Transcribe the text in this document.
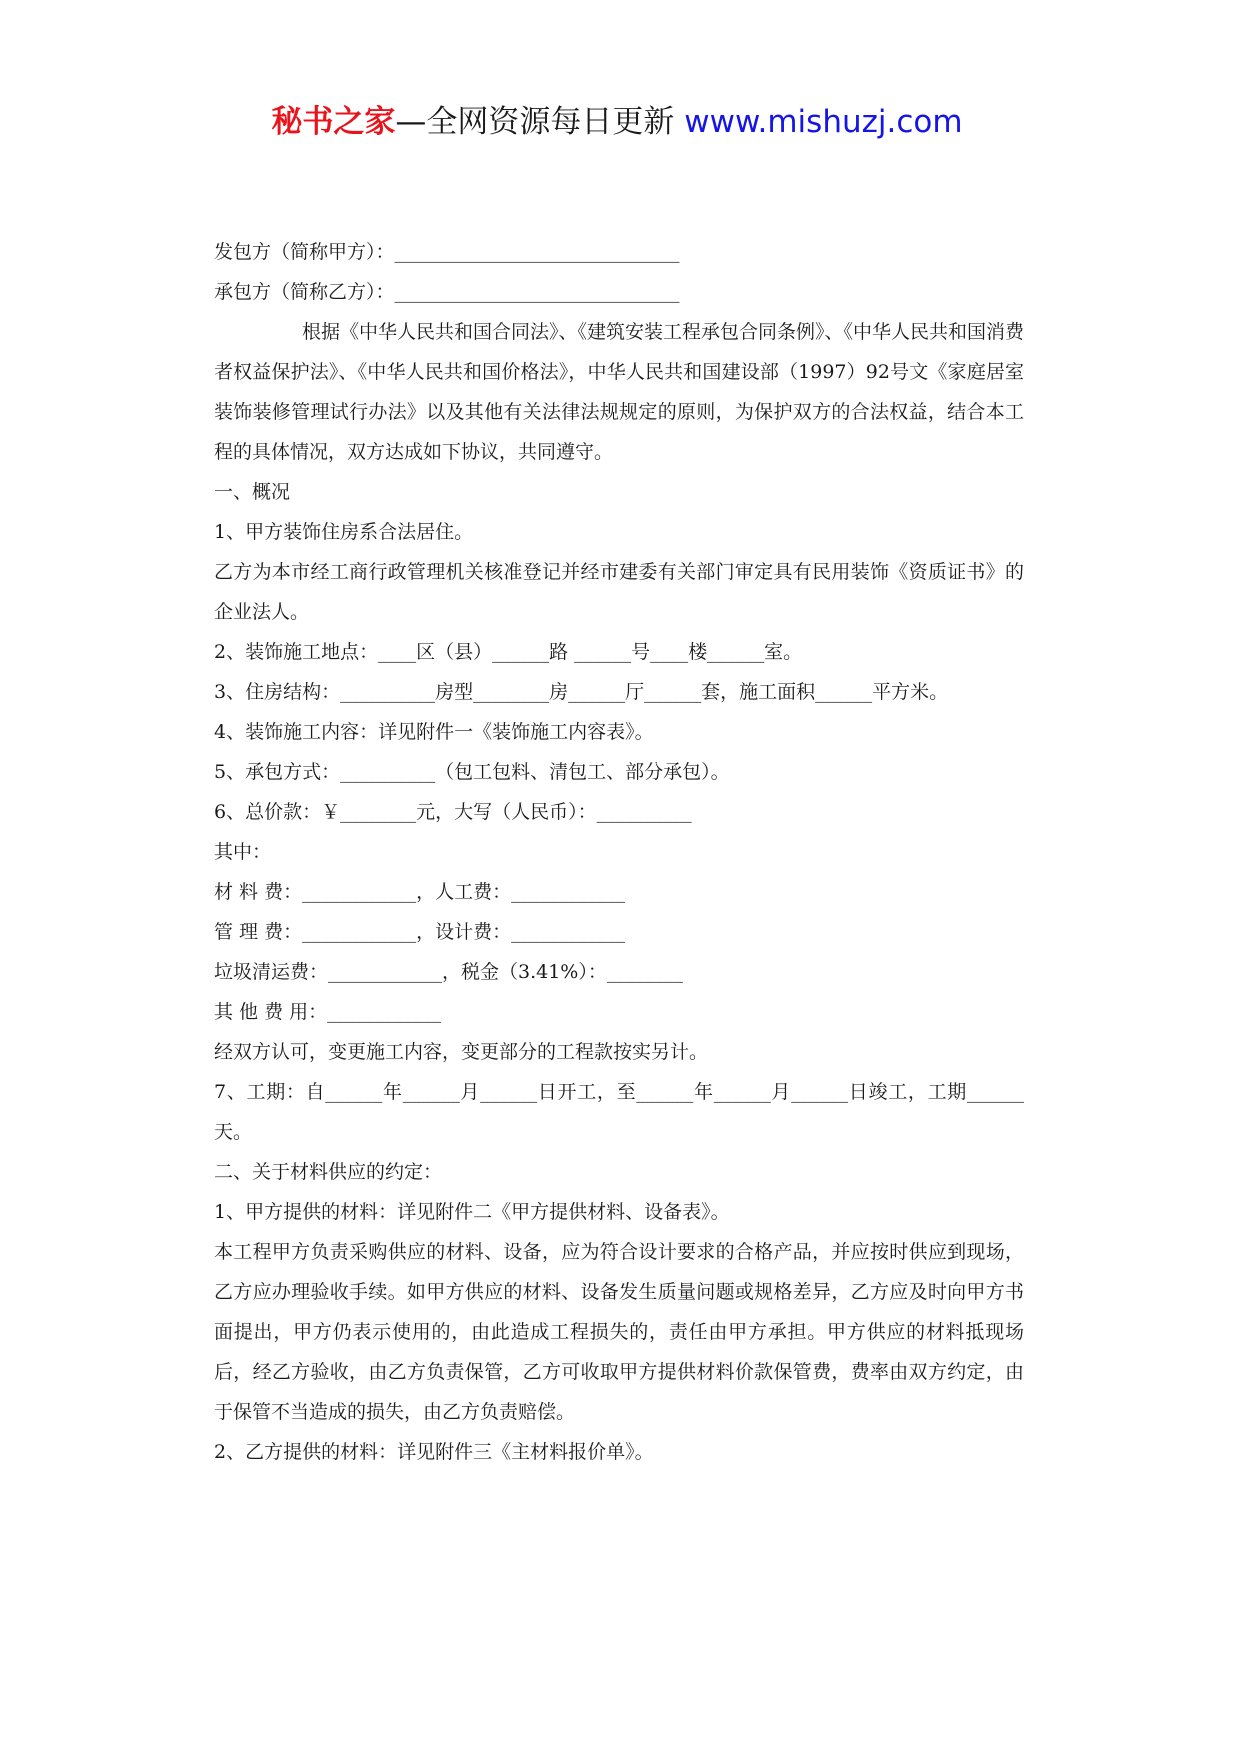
秘书之家—全网资源每日更新 www.mishuzj.com

发包方（简称甲方）：______________________________

承包方（简称乙方）：______________________________

根据《中华人民共和国合同法》、《建筑安装工程承包合同条例》、《中华人民共和国消费者权益保护法》、《中华人民共和国价格法》，中华人民共和国建设部（1997）92号文《家庭居室装饰装修管理试行办法》以及其他有关法律法规规定的原则，为保护双方的合法权益，结合本工程的具体情况，双方达成如下协议，共同遵守。

一、概况

1、甲方装饰住房系合法居住。

乙方为本市经工商行政管理机关核准登记并经市建委有关部门审定具有民用装饰《资质证书》的企业法人。

2、装饰施工地点：____区（县）______路 ______号____楼______室。

3、住房结构：__________房型________房______厅______套，施工面积______平方米。

4、装饰施工内容：详见附件一《装饰施工内容表》。

5、承包方式：__________（包工包料、清包工、部分承包）。

6、总价款：￥________元，大写（人民币）：__________

其中：

材 料 费：____________，人工费：____________

管 理 费：____________，设计费：____________

垃圾清运费：____________，税金（3.41%）：________

其 他 费 用：____________

经双方认可，变更施工内容，变更部分的工程款按实另计。

7、工期：自______年______月______日开工，至______年______月______日竣工，工期______天。

二、关于材料供应的约定：

1、甲方提供的材料：详见附件二《甲方提供材料、设备表》。

本工程甲方负责采购供应的材料、设备，应为符合设计要求的合格产品，并应按时供应到现场，乙方应办理验收手续。如甲方供应的材料、设备发生质量问题或规格差异，乙方应及时向甲方书面提出，甲方仍表示使用的，由此造成工程损失的，责任由甲方承担。甲方供应的材料抵现场后，经乙方验收，由乙方负责保管，乙方可收取甲方提供材料价款保管费，费率由双方约定，由于保管不当造成的损失，由乙方负责赔偿。

2、乙方提供的材料：详见附件三《主材料报价单》。
